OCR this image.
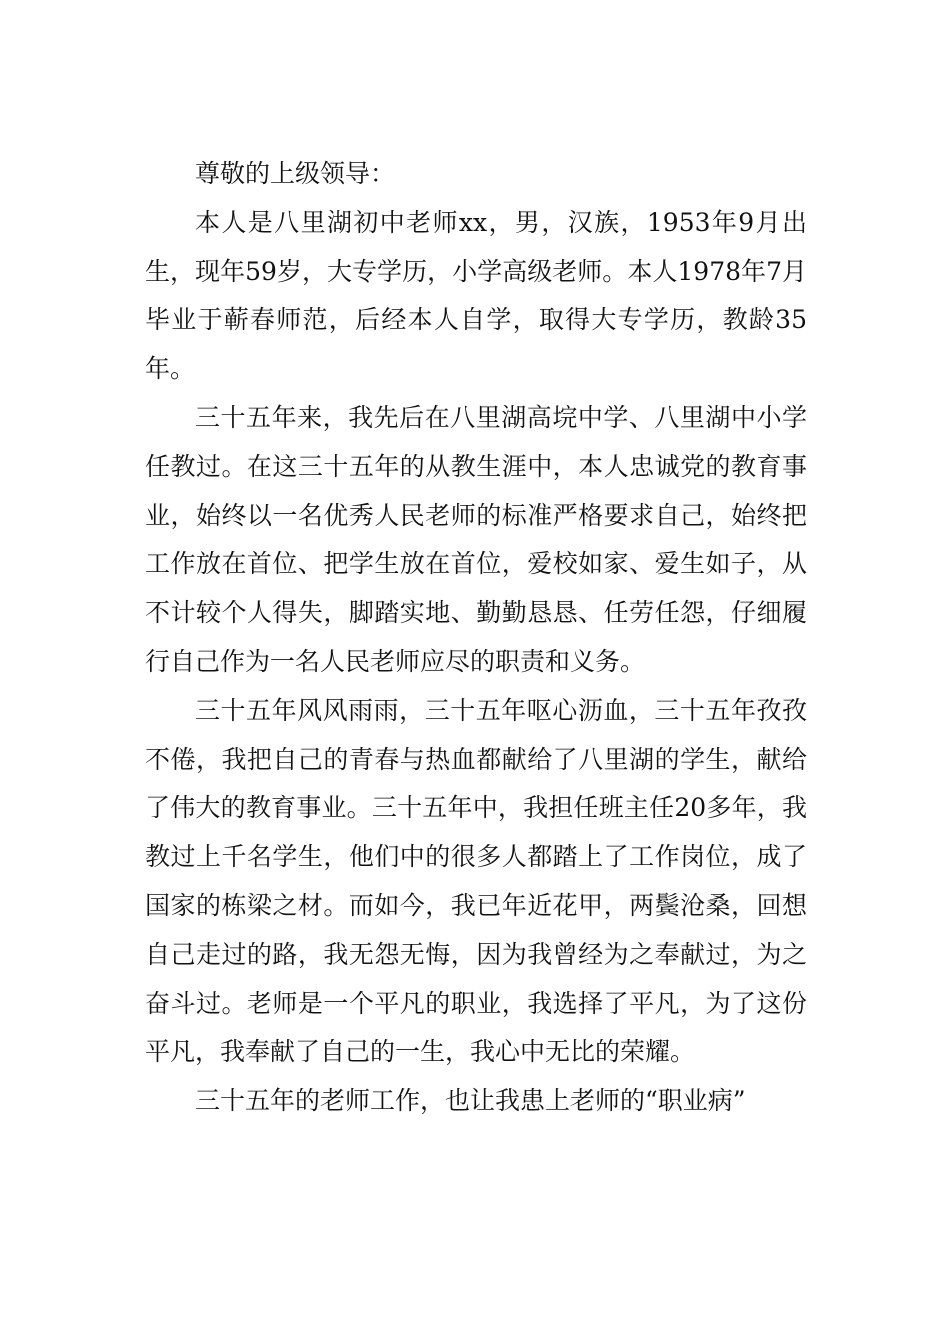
尊敬的上级领导：

本人是八里湖初中老师xx，男，汉族，1953年9月出生，现年59岁，大专学历，小学高级老师。本人1978年7月毕业于蕲春师范，后经本人自学，取得大专学历，教龄35年。

三十五年来，我先后在八里湖高垸中学、八里湖中小学任教过。在这三十五年的从教生涯中，本人忠诚党的教育事业，始终以一名优秀人民老师的标准严格要求自己，始终把工作放在首位、把学生放在首位，爱校如家、爱生如子，从不计较个人得失，脚踏实地、勤勤恳恳、任劳任怨，仔细履行自己作为一名人民老师应尽的职责和义务。

三十五年风风雨雨，三十五年呕心沥血，三十五年孜孜不倦，我把自己的青春与热血都献给了八里湖的学生，献给了伟大的教育事业。三十五年中，我担任班主任20多年，我教过上千名学生，他们中的很多人都踏上了工作岗位，成了国家的栋梁之材。而如今，我已年近花甲，两鬓沧桑，回想自己走过的路，我无怨无悔，因为我曾经为之奉献过，为之奋斗过。老师是一个平凡的职业，我选择了平凡，为了这份平凡，我奉献了自己的一生，我心中无比的荣耀。

三十五年的老师工作，也让我患上老师的“职业病”
